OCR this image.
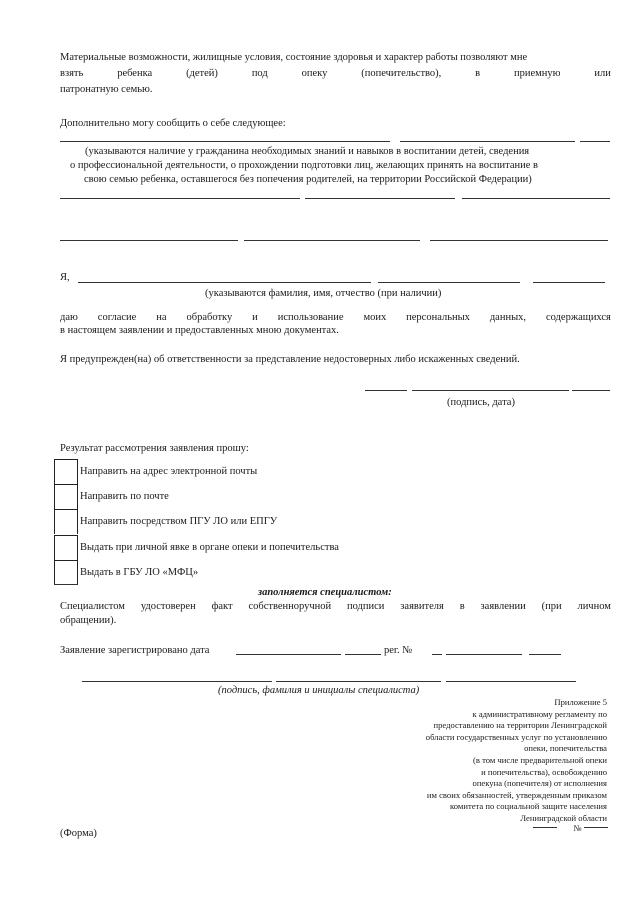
Материальные возможности, жилищные условия, состояние здоровья и характер работы позволяют мне
взять	ребенка	(детей)	под	опеку	(попечительство),	в	приемную	или
патронатную семью.
Дополнительно могу сообщить о себе следующее:
(указываются наличие у гражданина необходимых знаний и навыков в воспитании детей, сведения
о профессиональной деятельности, о прохождении подготовки лиц, желающих принять на воспитание в
свою семью ребенка, оставшегося без попечения родителей, на территории Российской Федерации)
Я,
(указываются фамилия, имя, отчество (при наличии)
даю согласие на обработку и использование моих персональных данных, содержащихся
в настоящем заявлении и предоставленных мною документах.
Я предупрежден(на) об ответственности за представление недостоверных либо искаженных сведений.
(подпись, дата)
Результат рассмотрения заявления прошу:
Направить на адрес электронной почты
Направить по почте
Направить посредством ПГУ ЛО или ЕПГУ
Выдать при личной явке в органе опеки и попечительства
Выдать в ГБУ ЛО «МФЦ»
заполняется специалистом:
Специалистом удостоверен факт собственноручной подписи заявителя в заявлении (при личном
обращении).
Заявление зарегистрировано дата	рег. №
(подпись, фамилия и инициалы специалиста)
Приложение 5
к административному регламенту по
предоставлению на территории Ленинградской
области государственных услуг по установлению
опеки, попечительства
(в том числе предварительной опеки
и попечительства), освобождению
опекуна (попечителя) от исполнения
им своих обязанностей, утвержденным приказом
комитета по социальной защите населения
Ленинградской области
№
(Форма)
